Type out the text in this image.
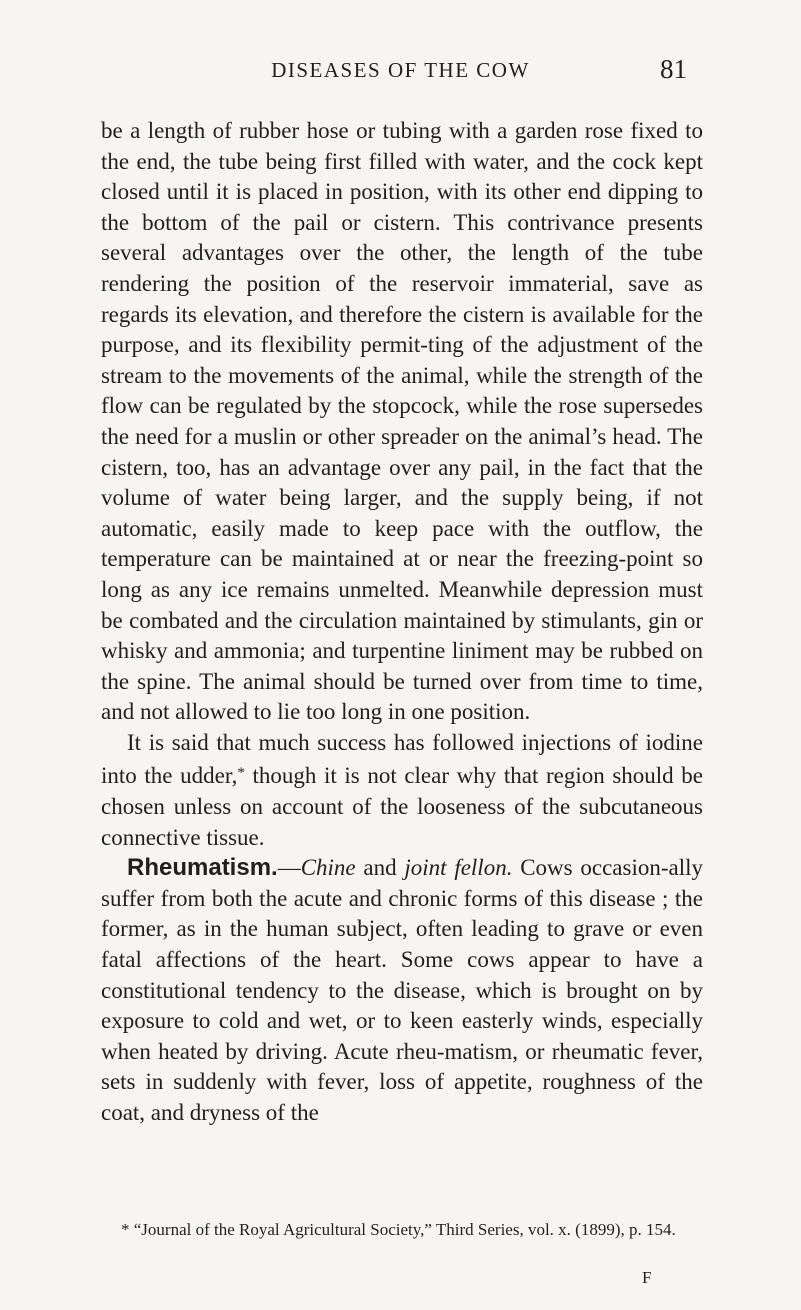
DISEASES OF THE COW	81

be a length of rubber hose or tubing with a garden rose fixed to the end, the tube being first filled with water, and the cock kept closed until it is placed in position, with its other end dipping to the bottom of the pail or cistern. This contrivance presents several advantages over the other, the length of the tube rendering the position of the reservoir immaterial, save as regards its elevation, and therefore the cistern is available for the purpose, and its flexibility permit-ting of the adjustment of the stream to the movements of the animal, while the strength of the flow can be regulated by the stopcock, while the rose supersedes the need for a muslin or other spreader on the animal’s head. The cistern, too, has an advantage over any pail, in the fact that the volume of water being larger, and the supply being, if not automatic, easily made to keep pace with the outflow, the temperature can be maintained at or near the freezing-point so long as any ice remains unmelted. Meanwhile depression must be combated and the circulation maintained by stimulants, gin or whisky and ammonia; and turpentine liniment may be rubbed on the spine. The animal should be turned over from time to time, and not allowed to lie too long in one position.

It is said that much success has followed injections of iodine into the udder,* though it is not clear why that region should be chosen unless on account of the looseness of the subcutaneous connective tissue.

Rheumatism.—Chine and joint fellon. Cows occasion-ally suffer from both the acute and chronic forms of this disease ; the former, as in the human subject, often leading to grave or even fatal affections of the heart. Some cows appear to have a constitutional tendency to the disease, which is brought on by exposure to cold and wet, or to keen easterly winds, especially when heated by driving. Acute rheu-matism, or rheumatic fever, sets in suddenly with fever, loss of appetite, roughness of the coat, and dryness of the

* “Journal of the Royal Agricultural Society,” Third Series, vol. x. (1899), p. 154.
F
